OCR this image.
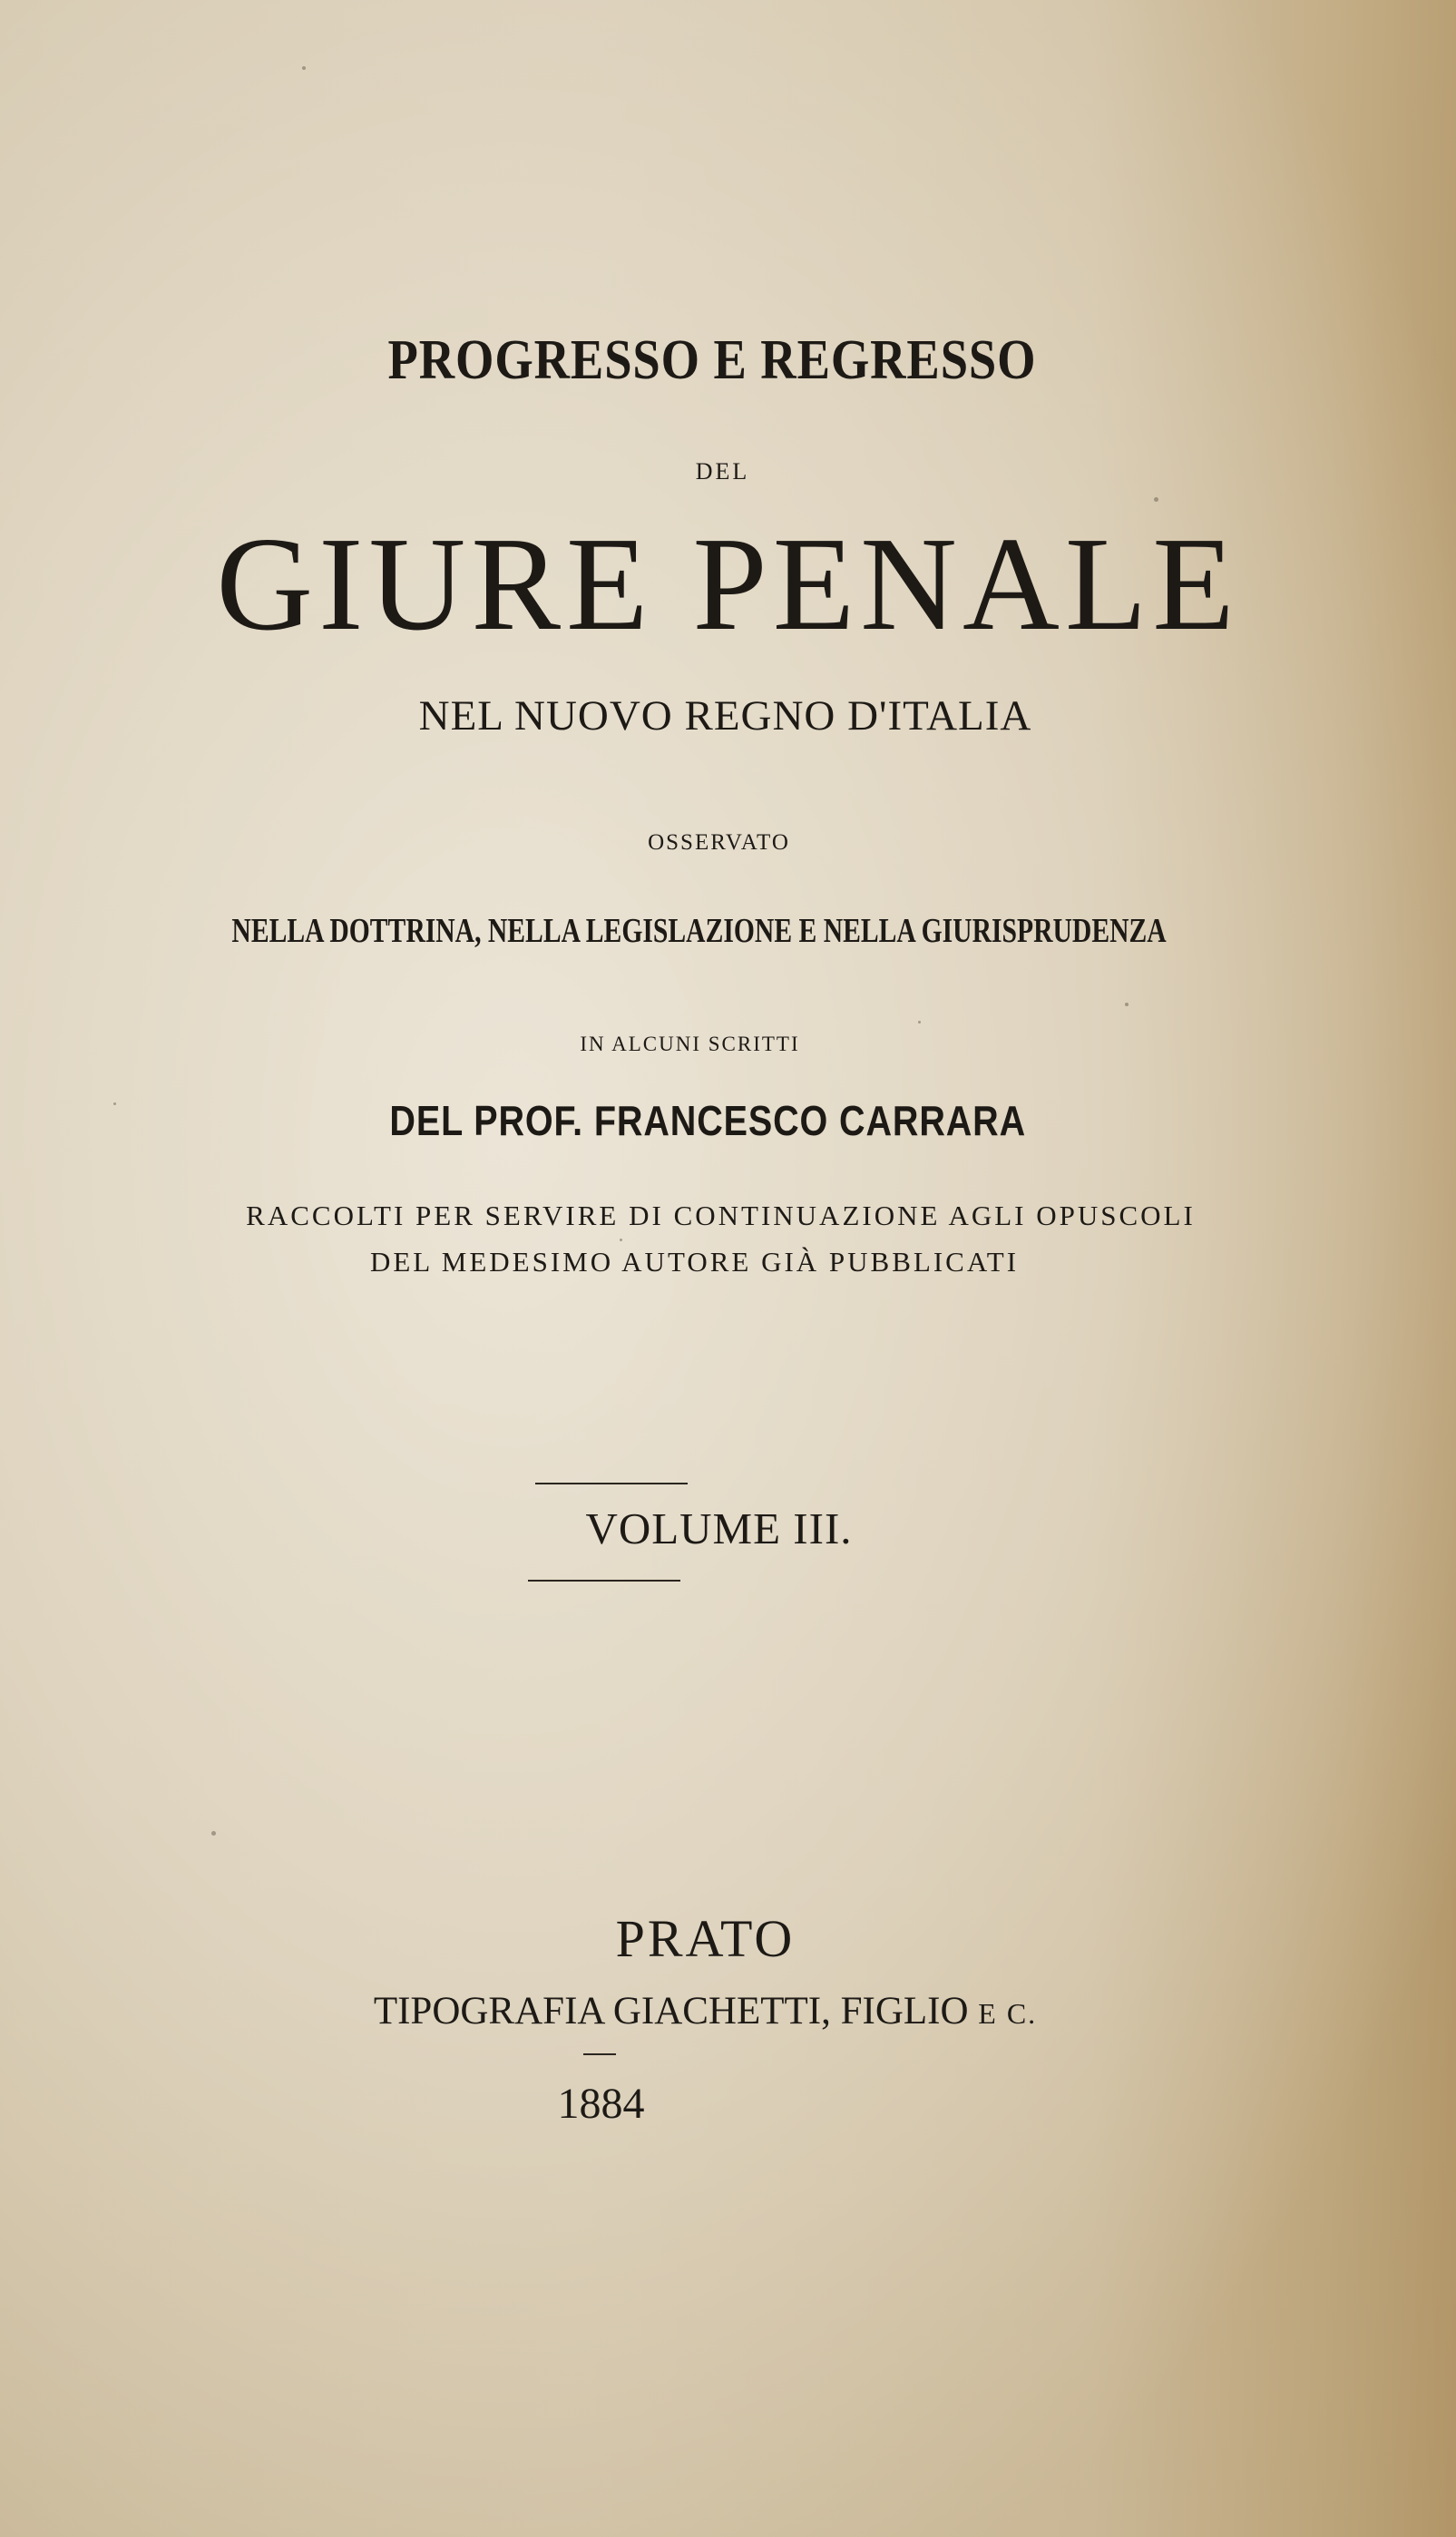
PROGRESSO E REGRESSO

DEL

GIURE PENALE

NEL NUOVO REGNO D'ITALIA

OSSERVATO

NELLA DOTTRINA, NELLA LEGISLAZIONE E NELLA GIURISPRUDENZA

IN ALCUNI SCRITTI

DEL PROF. FRANCESCO CARRARA

RACCOLTI PER SERVIRE DI CONTINUAZIONE AGLI OPUSCOLI

DEL MEDESIMO AUTORE GIÀ PUBBLICATI

VOLUME III.

PRATO

TIPOGRAFIA GIACHETTI, FIGLIO E C.

1884
